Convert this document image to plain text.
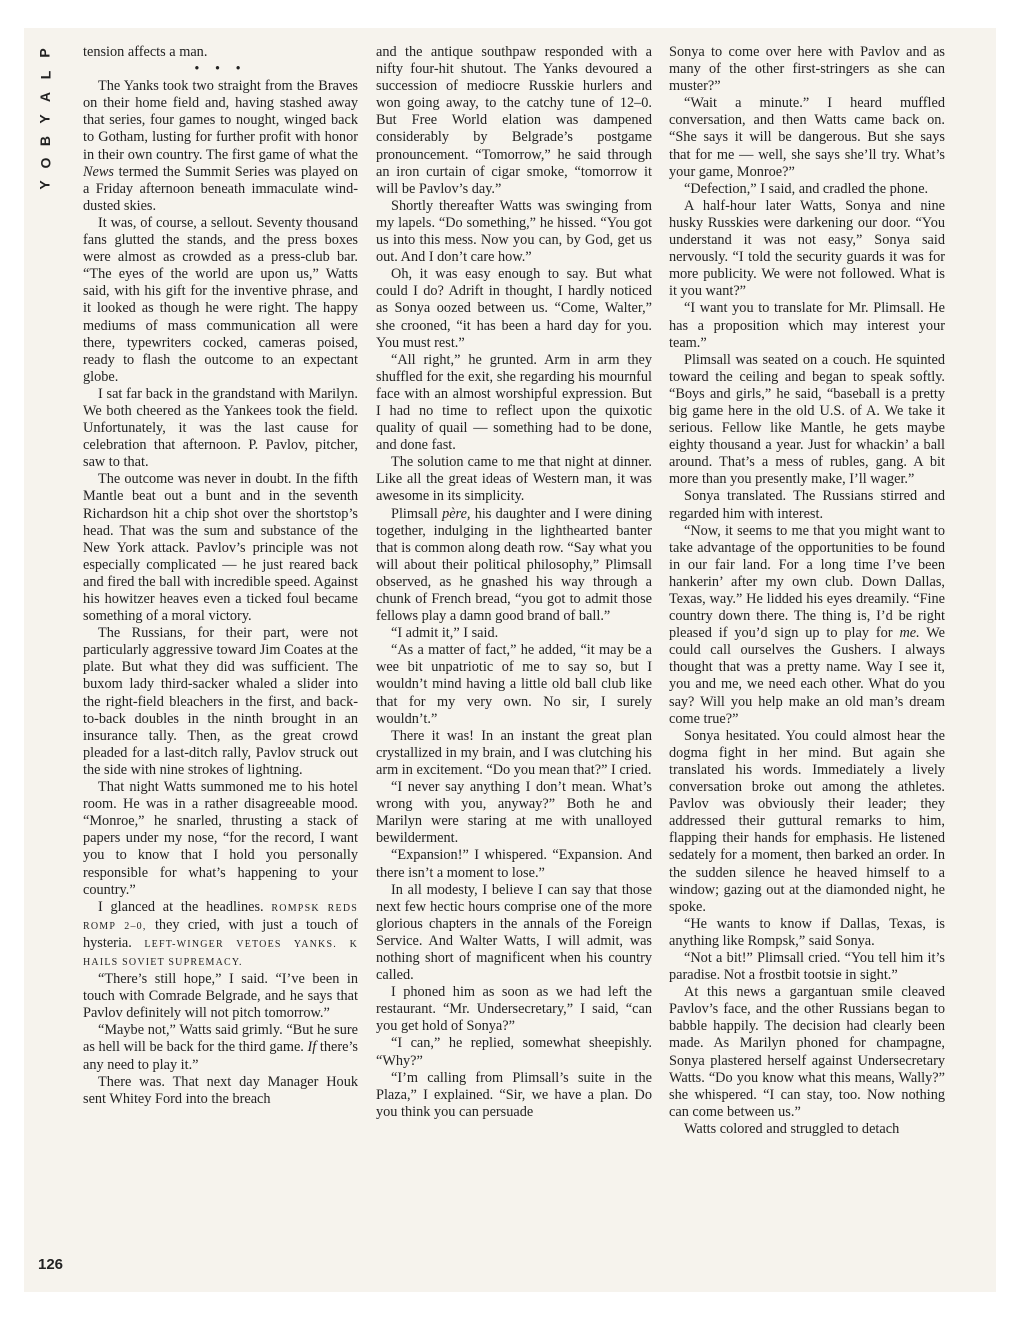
P
L
A
Y
B
O
Y
126

tension affects a man.

• • •

The Yanks took two straight from the Braves on their home field and, having stashed away that series, four games to nought, winged back to Gotham, lusting for further profit with honor in their own country. The first game of what the News termed the Summit Series was played on a Friday afternoon beneath immaculate wind-dusted skies.

It was, of course, a sellout. Seventy thousand fans glutted the stands, and the press boxes were almost as crowded as a press-club bar. “The eyes of the world are upon us,” Watts said, with his gift for the inventive phrase, and it looked as though he were right. The happy mediums of mass communication all were there, typewriters cocked, cameras poised, ready to flash the outcome to an expectant globe.

I sat far back in the grandstand with Marilyn. We both cheered as the Yankees took the field. Unfortunately, it was the last cause for celebration that afternoon. P. Pavlov, pitcher, saw to that.

The outcome was never in doubt. In the fifth Mantle beat out a bunt and in the seventh Richardson hit a chip shot over the shortstop’s head. That was the sum and substance of the New York attack. Pavlov’s principle was not especially complicated — he just reared back and fired the ball with incredible speed. Against his howitzer heaves even a ticked foul became something of a moral victory.

The Russians, for their part, were not particularly aggressive toward Jim Coates at the plate. But what they did was sufficient. The buxom lady third-sacker whaled a slider into the right-field bleachers in the first, and back-to-back doubles in the ninth brought in an insurance tally. Then, as the great crowd pleaded for a last-ditch rally, Pavlov struck out the side with nine strokes of lightning.

That night Watts summoned me to his hotel room. He was in a rather disagreeable mood. “Monroe,” he snarled, thrusting a stack of papers under my nose, “for the record, I want you to know that I hold you personally responsible for what’s happening to your country.”

I glanced at the headlines. ROMPSK REDS ROMP 2–0, they cried, with just a touch of hysteria. LEFT-WINGER VETOES YANKS. K HAILS SOVIET SUPREMACY.

“There’s still hope,” I said. “I’ve been in touch with Comrade Belgrade, and he says that Pavlov definitely will not pitch tomorrow.”

“Maybe not,” Watts said grimly. “But he sure as hell will be back for the third game. If there’s any need to play it.”

There was. That next day Manager Houk sent Whitey Ford into the breach

and the antique southpaw responded with a nifty four-hit shutout. The Yanks devoured a succession of mediocre Russkie hurlers and won going away, to the catchy tune of 12–0. But Free World elation was dampened considerably by Belgrade’s postgame pronouncement. “Tomorrow,” he said through an iron curtain of cigar smoke, “tomorrow it will be Pavlov’s day.”

Shortly thereafter Watts was swinging from my lapels. “Do something,” he hissed. “You got us into this mess. Now you can, by God, get us out. And I don’t care how.”

Oh, it was easy enough to say. But what could I do? Adrift in thought, I hardly noticed as Sonya oozed between us. “Come, Walter,” she crooned, “it has been a hard day for you. You must rest.”

“All right,” he grunted. Arm in arm they shuffled for the exit, she regarding his mournful face with an almost worshipful expression. But I had no time to reflect upon the quixotic quality of quail — something had to be done, and done fast.

The solution came to me that night at dinner. Like all the great ideas of Western man, it was awesome in its simplicity.

Plimsall père, his daughter and I were dining together, indulging in the lighthearted banter that is common along death row. “Say what you will about their political philosophy,” Plimsall observed, as he gnashed his way through a chunk of French bread, “you got to admit those fellows play a damn good brand of ball.”

“I admit it,” I said.

“As a matter of fact,” he added, “it may be a wee bit unpatriotic of me to say so, but I wouldn’t mind having a little old ball club like that for my very own. No sir, I surely wouldn’t.”

There it was! In an instant the great plan crystallized in my brain, and I was clutching his arm in excitement. “Do you mean that?” I cried.

“I never say anything I don’t mean. What’s wrong with you, anyway?” Both he and Marilyn were staring at me with unalloyed bewilderment.

“Expansion!” I whispered. “Expansion. And there isn’t a moment to lose.”

In all modesty, I believe I can say that those next few hectic hours comprise one of the more glorious chapters in the annals of the Foreign Service. And Walter Watts, I will admit, was nothing short of magnificent when his country called.

I phoned him as soon as we had left the restaurant. “Mr. Undersecretary,” I said, “can you get hold of Sonya?”

“I can,” he replied, somewhat sheepishly. “Why?”

“I’m calling from Plimsall’s suite in the Plaza,” I explained. “Sir, we have a plan. Do you think you can persuade

Sonya to come over here with Pavlov and as many of the other first-stringers as she can muster?”

“Wait a minute.” I heard muffled conversation, and then Watts came back on. “She says it will be dangerous. But she says that for me — well, she says she’ll try. What’s your game, Monroe?”

“Defection,” I said, and cradled the phone.

A half-hour later Watts, Sonya and nine husky Russkies were darkening our door. “You understand it was not easy,” Sonya said nervously. “I told the security guards it was for more publicity. We were not followed. What is it you want?”

“I want you to translate for Mr. Plimsall. He has a proposition which may interest your team.”

Plimsall was seated on a couch. He squinted toward the ceiling and began to speak softly. “Boys and girls,” he said, “baseball is a pretty big game here in the old U.S. of A. We take it serious. Fellow like Mantle, he gets maybe eighty thousand a year. Just for whackin’ a ball around. That’s a mess of rubles, gang. A bit more than you presently make, I’ll wager.”

Sonya translated. The Russians stirred and regarded him with interest.

“Now, it seems to me that you might want to take advantage of the opportunities to be found in our fair land. For a long time I’ve been hankerin’ after my own club. Down Dallas, Texas, way.” He lidded his eyes dreamily. “Fine country down there. The thing is, I’d be right pleased if you’d sign up to play for me. We could call ourselves the Gushers. I always thought that was a pretty name. Way I see it, you and me, we need each other. What do you say? Will you help make an old man’s dream come true?”

Sonya hesitated. You could almost hear the dogma fight in her mind. But again she translated his words. Immediately a lively conversation broke out among the athletes. Pavlov was obviously their leader; they addressed their guttural remarks to him, flapping their hands for emphasis. He listened sedately for a moment, then barked an order. In the sudden silence he heaved himself to a window; gazing out at the diamonded night, he spoke.

“He wants to know if Dallas, Texas, is anything like Rompsk,” said Sonya.

“Not a bit!” Plimsall cried. “You tell him it’s paradise. Not a frostbit tootsie in sight.”

At this news a gargantuan smile cleaved Pavlov’s face, and the other Russians began to babble happily. The decision had clearly been made. As Marilyn phoned for champagne, Sonya plastered herself against Undersecretary Watts. “Do you know what this means, Wally?” she whispered. “I can stay, too. Now nothing can come between us.”

Watts colored and struggled to detach
